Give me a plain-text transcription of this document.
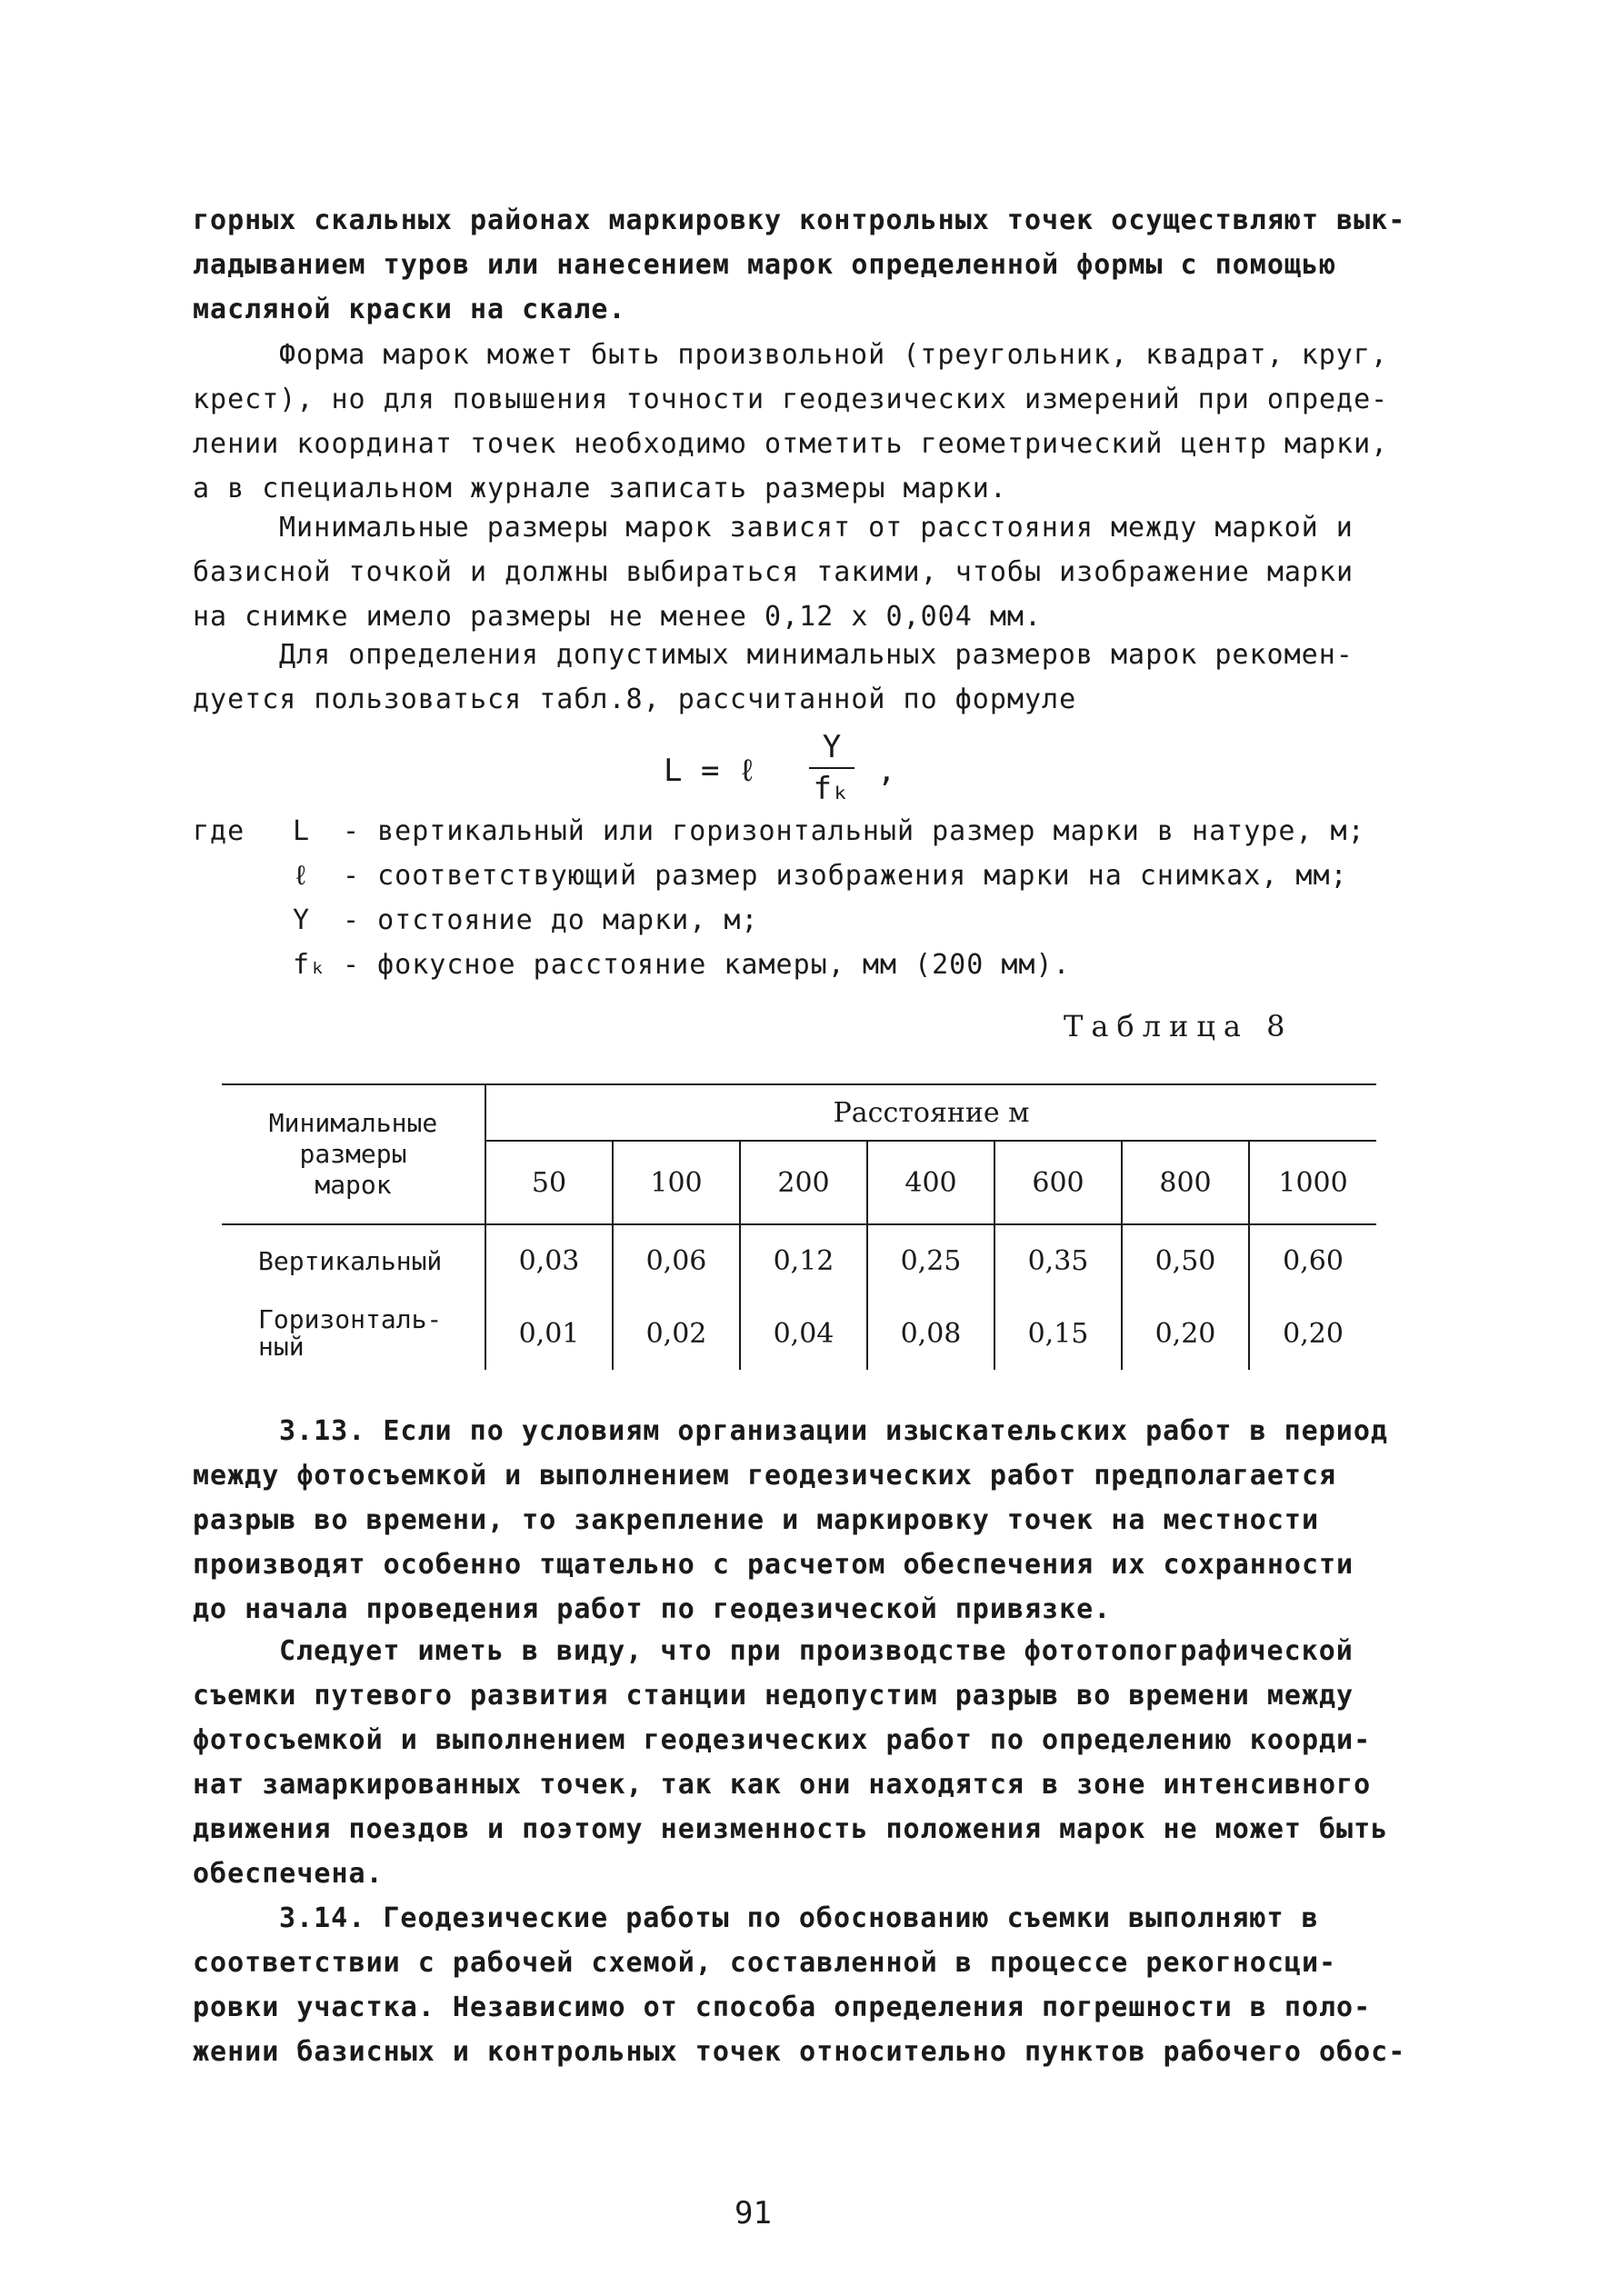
горных скальных районах маркировку контрольных точек осуществляют вык-
ладыванием туров или нанесением марок определенной формы с помощью
масляной краски на скале.
Форма марок может быть произвольной (треугольник, квадрат, круг,
крест), но для повышения точности геодезических измерений при опреде-
лении координат точек необходимо отметить геометрический центр марки,
а в специальном журнале записать размеры марки.
Минимальные размеры марок зависят от расстояния между маркой и
базисной точкой и должны выбираться такими, чтобы изображение марки
на снимке имело размеры не менее 0,12 х 0,004 мм.
Для определения допустимых минимальных размеров марок рекомен-
дуется пользоваться табл.8, рассчитанной по формуле
L = ℓ
Y
fₖ ,
где L	- вертикальный или горизонтальный размер марки в натуре, м;
ℓ	- соответствующий размер изображения марки на снимках, мм;
Y	- отстояние до марки, м;
fₖ - фокусное расстояние камеры, мм (200 мм).
Таблица 8
Минимальные размеры марок	Расстояние м						
	50	100	200	400	600	800	1000
Вертикальный	0,03	0,06	0,12	0,25	0,35	0,50	0,60
Горизонталь-ный	0,01	0,02	0,04	0,08	0,15	0,20	0,20
3.13. Если по условиям организации изыскательских работ в период
между фотосъемкой и выполнением геодезических работ предполагается
разрыв во времени, то закрепление и маркировку точек на местности
производят особенно тщательно с расчетом обеспечения их сохранности
до начала проведения работ по геодезической привязке.
Следует иметь в виду, что при производстве фототопографической
съемки путевого развития станции недопустим разрыв во времени между
фотосъемкой и выполнением геодезических работ по определению коорди-
нат замаркированных точек, так как они находятся в зоне интенсивного
движения поездов и поэтому неизменность положения марок не может быть
обеспечена.
3.14. Геодезические работы по обоснованию съемки выполняют в
соответствии с рабочей схемой, составленной в процессе рекогносци-
ровки участка. Независимо от способа определения погрешности в поло-
жении базисных и контрольных точек относительно пунктов рабочего обос-
91
